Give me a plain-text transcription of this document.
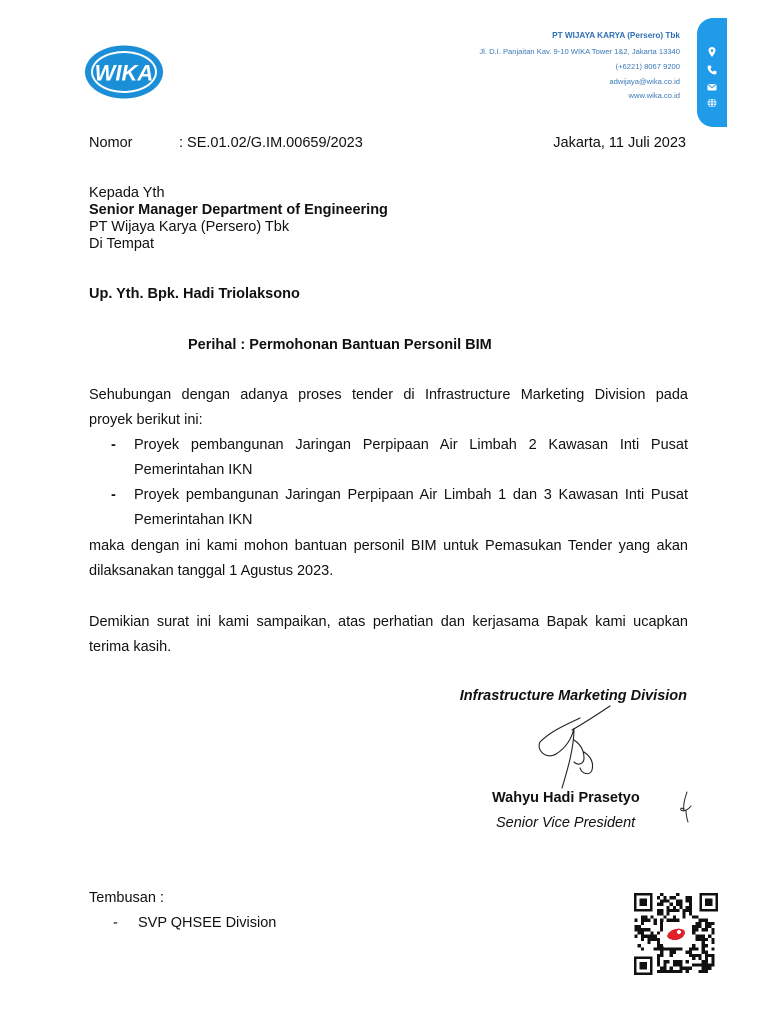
WIKA
PT WIJAYA KARYA (Persero) Tbk
Jl. D.I. Panjaitan Kav. 9-10 WIKA Tower 1&2, Jakarta 13340
(+6221) 8067 9200
adwijaya@wika.co.id
www.wika.co.id
Nomor	: SE.01.02/G.IM.00659/2023	Jakarta, 11 Juli 2023
Kepada Yth
Senior Manager Department of Engineering
PT Wijaya Karya (Persero) Tbk
Di Tempat
Up. Yth. Bpk. Hadi Triolaksono
Perihal : Permohonan Bantuan Personil BIM
Sehubungan dengan adanya proses tender di Infrastructure Marketing Division pada
proyek berikut ini:
- Proyek pembangunan Jaringan Perpipaan Air Limbah 2 Kawasan Inti Pusat
Pemerintahan IKN
- Proyek pembangunan Jaringan Perpipaan Air Limbah 1 dan 3 Kawasan Inti Pusat
Pemerintahan IKN
maka dengan ini kami mohon bantuan personil BIM untuk Pemasukan Tender yang akan
dilaksanakan tanggal 1 Agustus 2023.
Demikian surat ini kami sampaikan, atas perhatian dan kerjasama Bapak kami ucapkan
terima kasih.
Infrastructure Marketing Division
Wahyu Hadi Prasetyo
Senior Vice President
Tembusan :
- SVP QHSEE Division
